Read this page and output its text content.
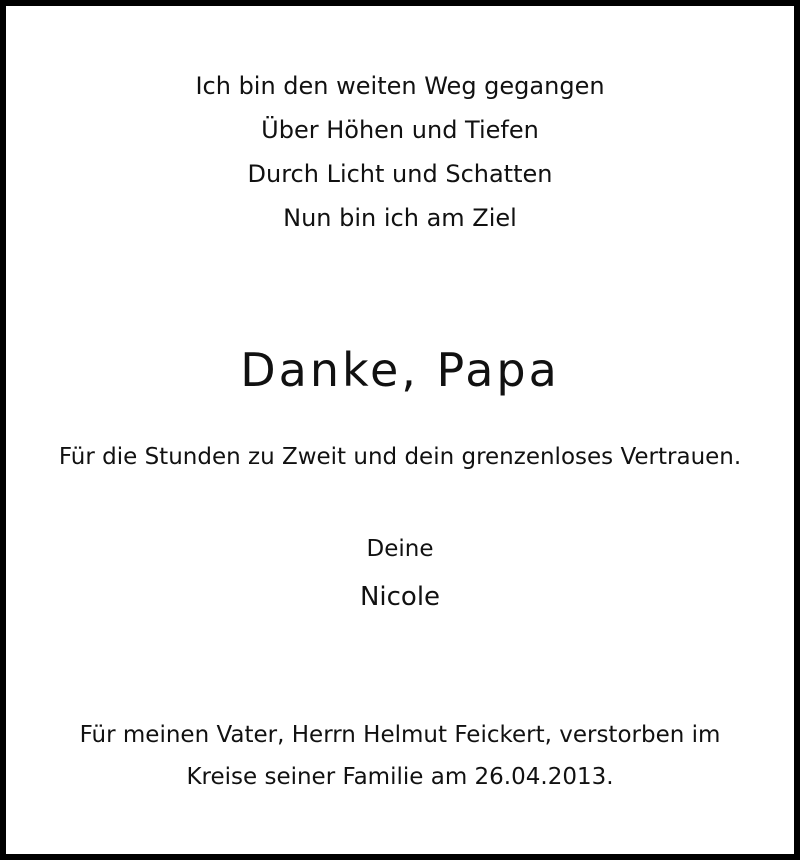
Ich bin den weiten Weg gegangen
Über Höhen und Tiefen
Durch Licht und Schatten
Nun bin ich am Ziel
Danke, Papa
Für die Stunden zu Zweit und dein grenzenloses Vertrauen.
Deine
Nicole
Für meinen Vater, Herrn Helmut Feickert, verstorben im
Kreise seiner Familie am 26.04.2013.
